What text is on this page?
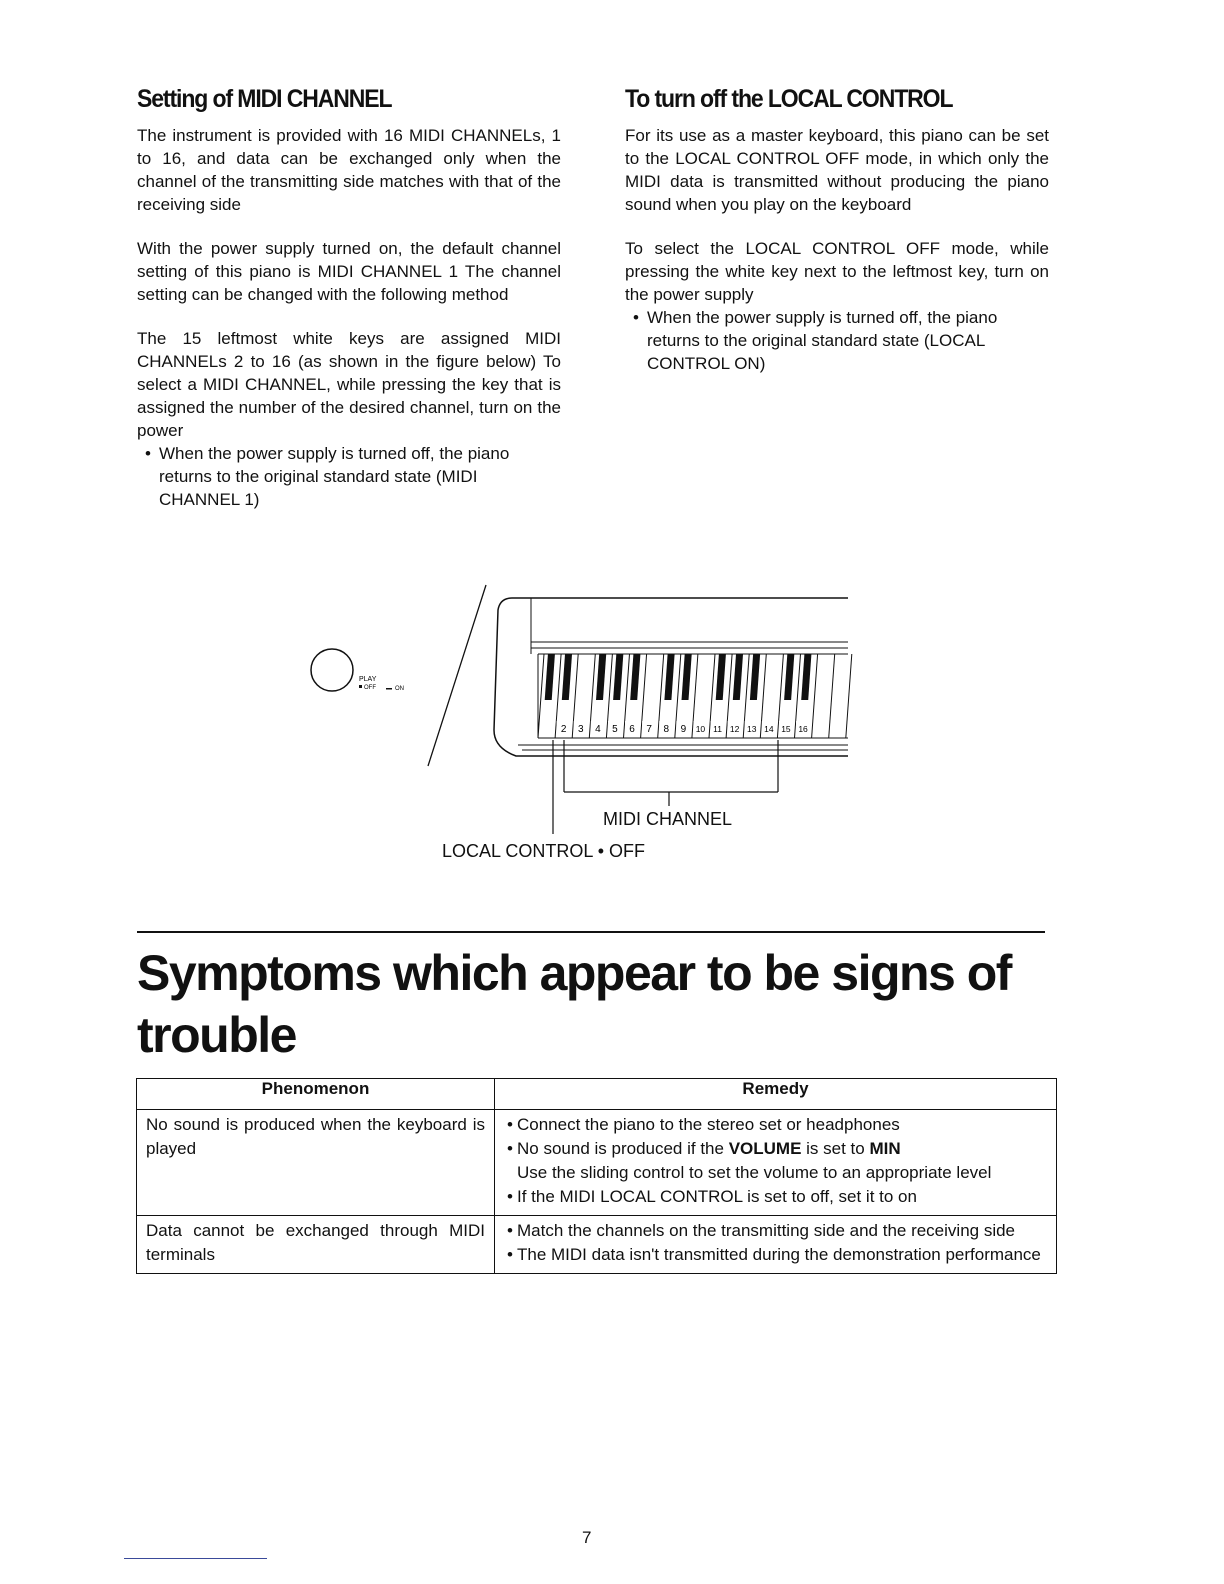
Setting of MIDI CHANNEL

The instrument is provided with 16 MIDI CHANNELs, 1 to 16, and data can be exchanged only when the channel of the transmitting side matches with that of the receiving side

With the power supply turned on, the default channel setting of this piano is MIDI CHANNEL 1 The channel setting can be changed with the following method

The 15 leftmost white keys are assigned MIDI CHANNELs 2 to 16 (as shown in the figure below) To select a MIDI CHANNEL, while pressing the key that is assigned the number of the desired channel, turn on the power

• When the power supply is turned off, the piano returns to the original standard state (MIDI CHANNEL 1)

To turn off the LOCAL CONTROL

For its use as a master keyboard, this piano can be set to the LOCAL CONTROL OFF mode, in which only the MIDI data is transmitted without producing the piano sound when you play on the keyboard

To select the LOCAL CONTROL OFF mode, while pressing the white key next to the leftmost key, turn on the power supply

• When the power supply is turned off, the piano returns to the original standard state (LOCAL CONTROL ON)

PLAY
OFF	ON
2 3 4 5 6 7 8 9 10 11 12 13 14 15 16
MIDI CHANNEL
LOCAL CONTROL • OFF
Symptoms which appear to be signs of trouble
Phenomenon	Remedy
No sound is produced when the keyboard is played	• Connect the piano to the stereo set or headphones

• No sound is produced if the VOLUME is set to MIN

Use the sliding control to set the volume to an appropriate level

• If the MIDI LOCAL CONTROL is set to off, set it to on

Data cannot be exchanged through MIDI terminals	• Match the channels on the transmitting side and the receiving side

• The MIDI data isn't transmitted during the demonstration performance

7
